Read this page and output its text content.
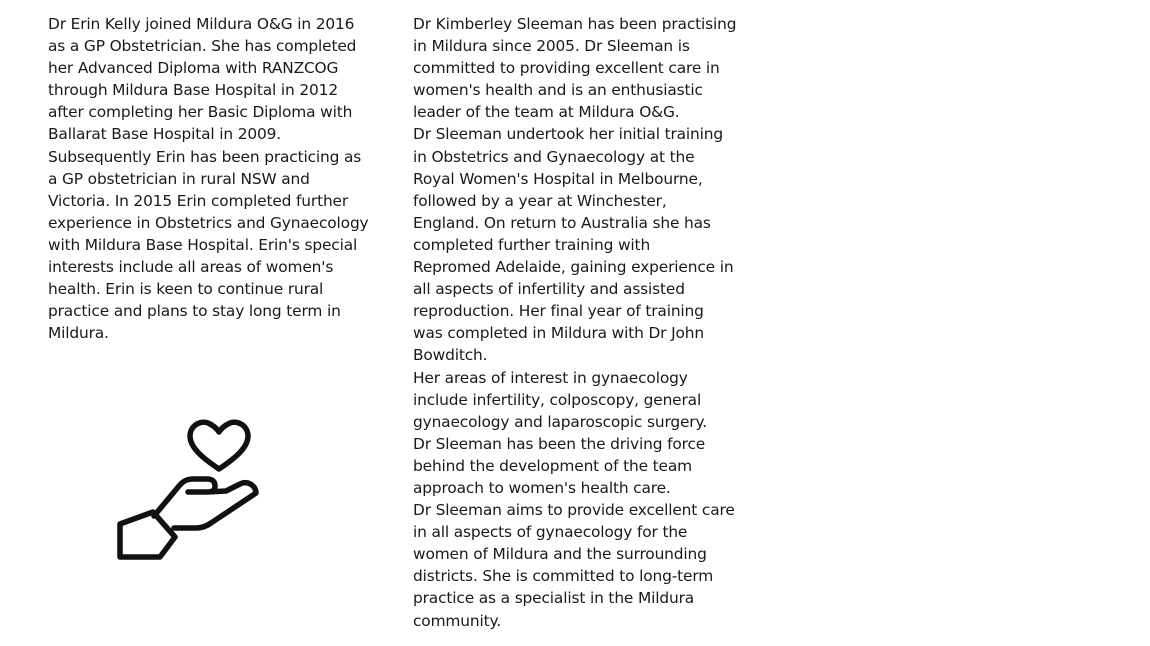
Dr Erin Kelly joined Mildura O&G in 2016
as a GP Obstetrician. She has completed
her Advanced Diploma with RANZCOG
through Mildura Base Hospital in 2012
after completing her Basic Diploma with
Ballarat Base Hospital in 2009.
Subsequently Erin has been practicing as
a GP obstetrician in rural NSW and
Victoria. In 2015 Erin completed further
experience in Obstetrics and Gynaecology
with Mildura Base Hospital. Erin's special
interests include all areas of women's
health. Erin is keen to continue rural
practice and plans to stay long term in
Mildura.

Dr Kimberley Sleeman has been practising
in Mildura since 2005. Dr Sleeman is
committed to providing excellent care in
women's health and is an enthusiastic
leader of the team at Mildura O&G.

Dr Sleeman undertook her initial training
in Obstetrics and Gynaecology at the
Royal Women's Hospital in Melbourne,
followed by a year at Winchester,
England. On return to Australia she has
completed further training with
Repromed Adelaide, gaining experience in
all aspects of infertility and assisted
reproduction. Her final year of training
was completed in Mildura with Dr John
Bowditch.

Her areas of interest in gynaecology
include infertility, colposcopy, general
gynaecology and laparoscopic surgery.

Dr Sleeman has been the driving force
behind the development of the team
approach to women's health care.

Dr Sleeman aims to provide excellent care
in all aspects of gynaecology for the
women of Mildura and the surrounding
districts. She is committed to long-term
practice as a specialist in the Mildura
community.
